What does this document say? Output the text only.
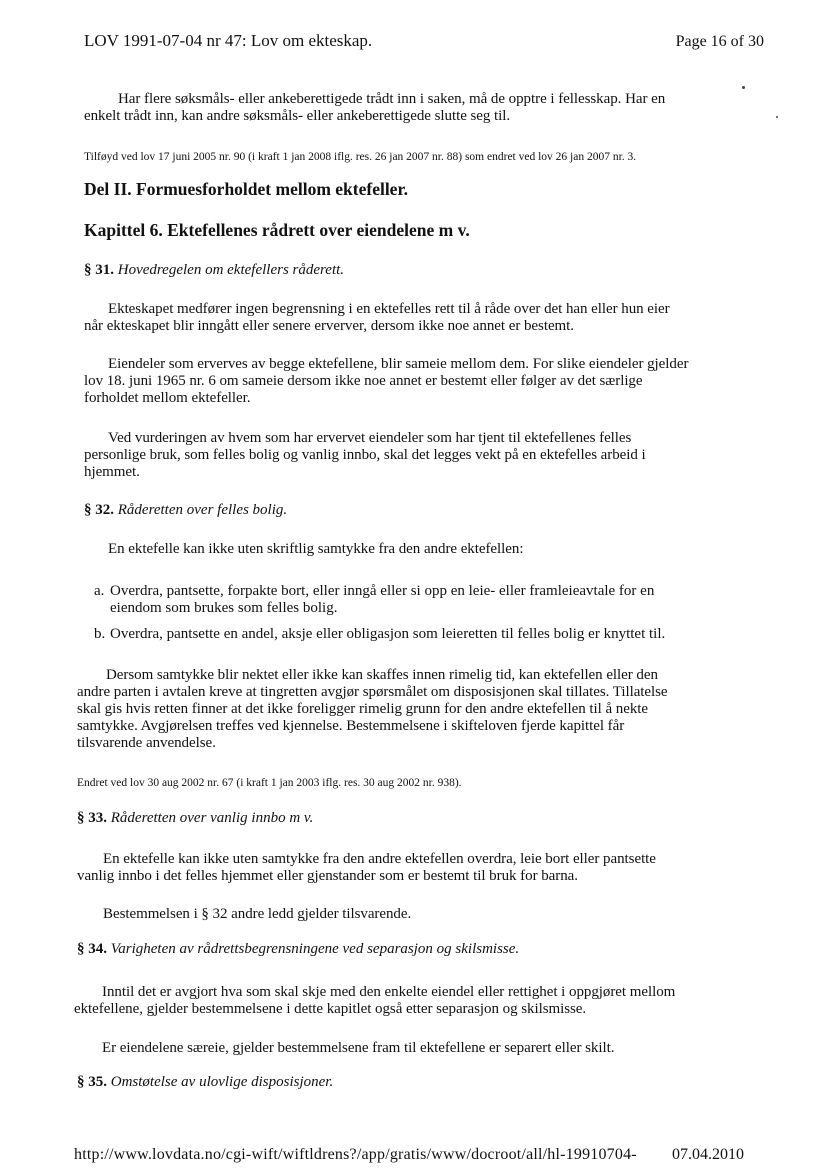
LOV 1991-07-04 nr 47: Lov om ekteskap.	Page 16 of 30
Har flere søksmåls- eller ankeberettigede trådt inn i saken, må de opptre i fellesskap. Har en
enkelt trådt inn, kan andre søksmåls- eller ankeberettigede slutte seg til.
Tilføyd ved lov 17 juni 2005 nr. 90 (i kraft 1 jan 2008 iflg. res. 26 jan 2007 nr. 88) som endret ved lov 26 jan 2007 nr. 3.
Del II. Formuesforholdet mellom ektefeller.
Kapittel 6. Ektefellenes rådrett over eiendelene m v.
§ 31. Hovedregelen om ektefellers råderett.
Ekteskapet medfører ingen begrensning i en ektefelles rett til å råde over det han eller hun eier
når ekteskapet blir inngått eller senere erverver, dersom ikke noe annet er bestemt.
Eiendeler som erverves av begge ektefellene, blir sameie mellom dem. For slike eiendeler gjelder
lov 18. juni 1965 nr. 6 om sameie dersom ikke noe annet er bestemt eller følger av det særlige
forholdet mellom ektefeller.
Ved vurderingen av hvem som har ervervet eiendeler som har tjent til ektefellenes felles
personlige bruk, som felles bolig og vanlig innbo, skal det legges vekt på en ektefelles arbeid i
hjemmet.
§ 32. Råderetten over felles bolig.
En ektefelle kan ikke uten skriftlig samtykke fra den andre ektefellen:
a. Overdra, pantsette, forpakte bort, eller inngå eller si opp en leie- eller framleieavtale for en
eiendom som brukes som felles bolig.
b. Overdra, pantsette en andel, aksje eller obligasjon som leieretten til felles bolig er knyttet til.
Dersom samtykke blir nektet eller ikke kan skaffes innen rimelig tid, kan ektefellen eller den
andre parten i avtalen kreve at tingretten avgjør spørsmålet om disposisjonen skal tillates. Tillatelse
skal gis hvis retten finner at det ikke foreligger rimelig grunn for den andre ektefellen til å nekte
samtykke. Avgjørelsen treffes ved kjennelse. Bestemmelsene i skifteloven fjerde kapittel får
tilsvarende anvendelse.
Endret ved lov 30 aug 2002 nr. 67 (i kraft 1 jan 2003 iflg. res. 30 aug 2002 nr. 938).
§ 33. Råderetten over vanlig innbo m v.
En ektefelle kan ikke uten samtykke fra den andre ektefellen overdra, leie bort eller pantsette
vanlig innbo i det felles hjemmet eller gjenstander som er bestemt til bruk for barna.
Bestemmelsen i § 32 andre ledd gjelder tilsvarende.
§ 34. Varigheten av rådrettsbegrensningene ved separasjon og skilsmisse.
Inntil det er avgjort hva som skal skje med den enkelte eiendel eller rettighet i oppgjøret mellom
ektefellene, gjelder bestemmelsene i dette kapitlet også etter separasjon og skilsmisse.
Er eiendelene særeie, gjelder bestemmelsene fram til ektefellene er separert eller skilt.
§ 35. Omstøtelse av ulovlige disposisjoner.
http://www.lovdata.no/cgi-wift/wiftldrens?/app/gratis/www/docroot/all/hl-19910704- 07.04.2010
